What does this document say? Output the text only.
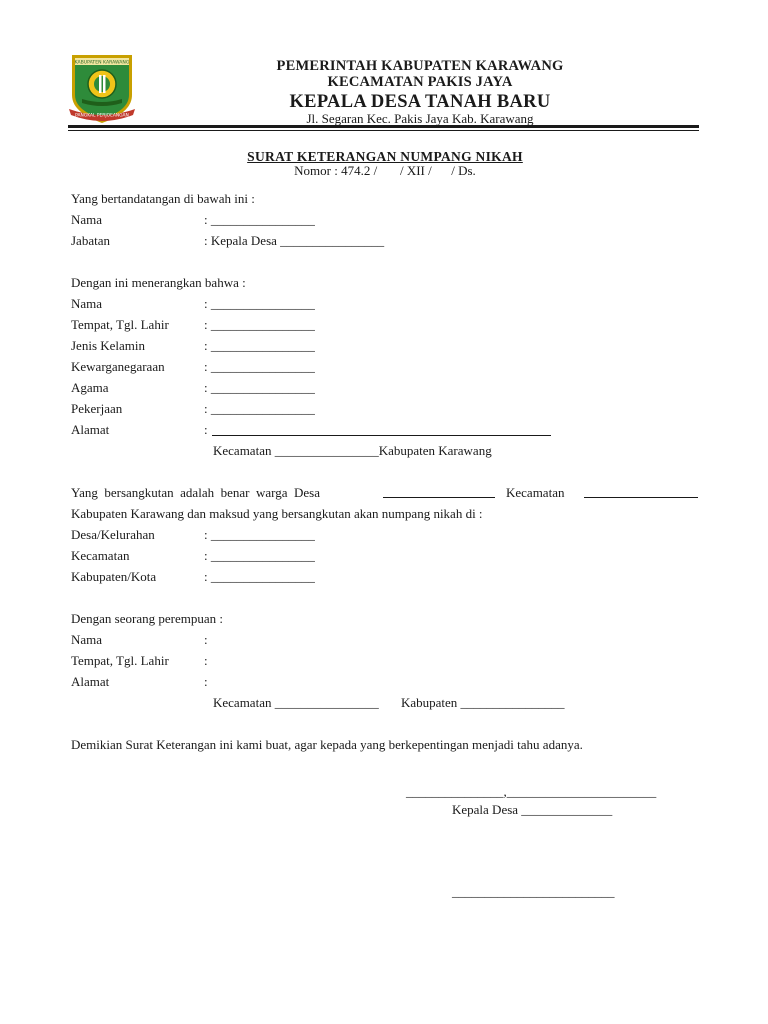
KABUPATEN KARAWANG
PANGKAL PERJOEANGAN
PEMERINTAH KABUPATEN KARAWANG
KECAMATAN PAKIS JAYA
KEPALA DESA TANAH BARU
Jl. Segaran Kec. Pakis Jaya Kab. Karawang
SURAT KETERANGAN NUMPANG NIKAH
Nomor : 474.2 /       / XII /      / Ds.
Yang bertandatangan di bawah ini :
Nama	: ________________
Jabatan	: Kepala Desa ________________
Dengan ini menerangkan bahwa :
Nama	: ________________
Tempat, Tgl. Lahir	: ________________
Jenis Kelamin	: ________________
Kewarganegaraan	: ________________
Agama	: ________________
Pekerjaan	: ________________
Alamat	:
Kecamatan ________________Kabupaten Karawang
Yang  bersangkutan  adalah  benar  warga  Desa	Kecamatan
Kabupaten Karawang dan maksud yang bersangkutan akan numpang nikah di :
Desa/Kelurahan	: ________________
Kecamatan	: ________________
Kabupaten/Kota	: ________________
Dengan seorang perempuan :
Nama	:
Tempat, Tgl. Lahir	:
Alamat	:
Kecamatan ________________ Kabupaten ________________
Demikian Surat Keterangan ini kami buat, agar kepada yang berkepentingan menjadi tahu adanya.
_______________,_______________________
Kepala Desa ______________
_________________________
